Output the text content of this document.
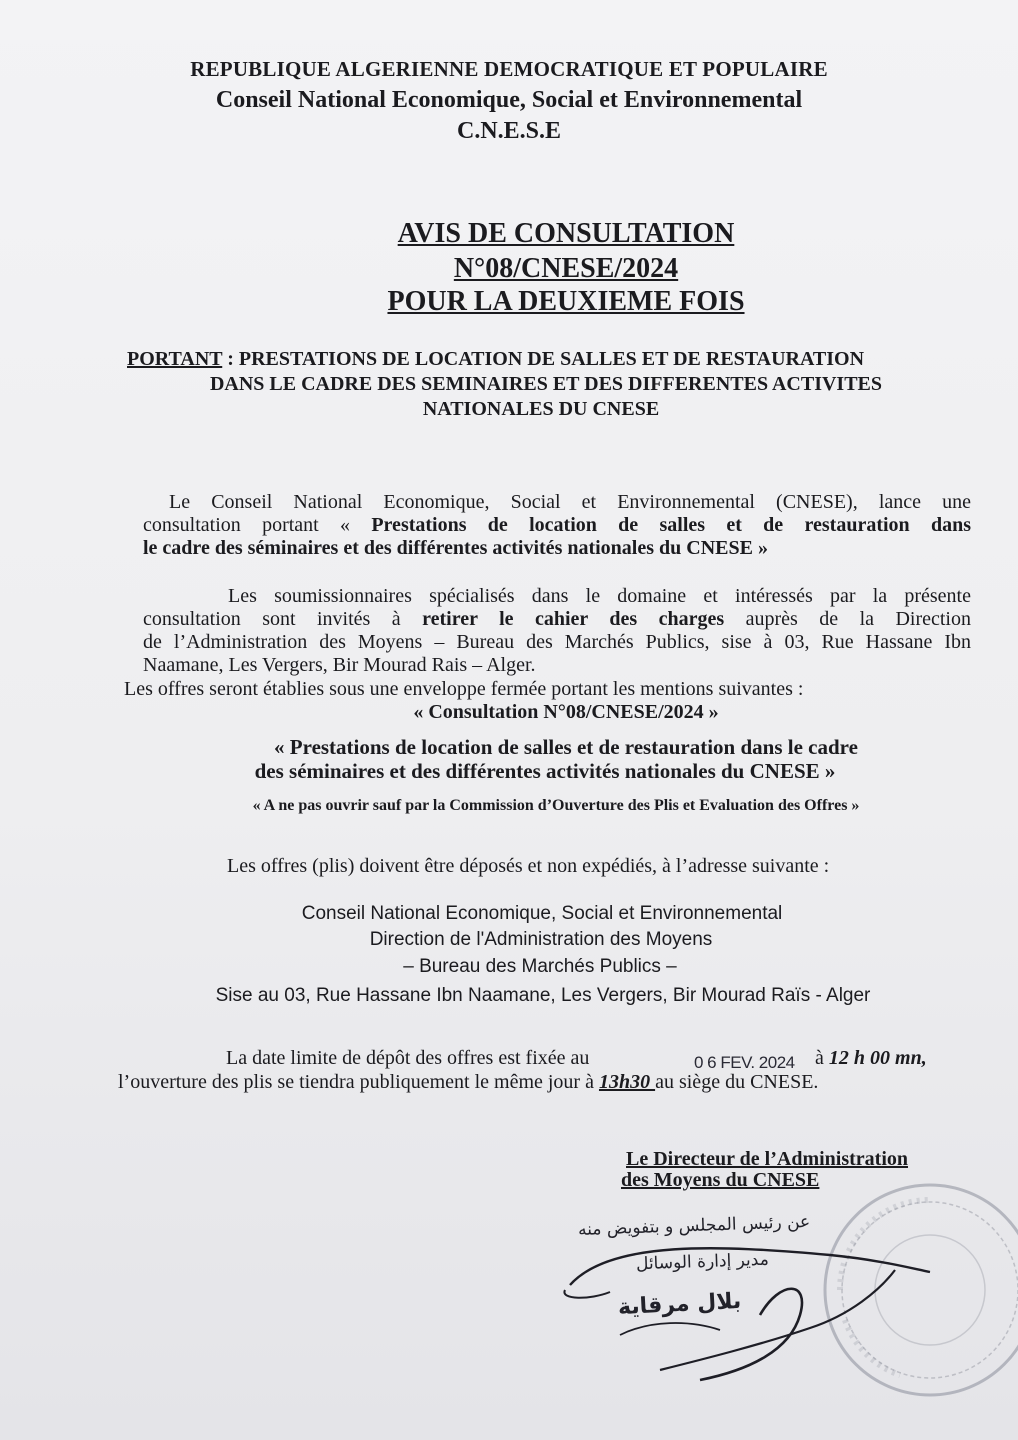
REPUBLIQUE ALGERIENNE DEMOCRATIQUE ET POPULAIRE
Conseil National Economique, Social et Environnemental
C.N.E.S.E
AVIS DE CONSULTATION
N°08/CNESE/2024
POUR LA DEUXIEME FOIS
PORTANT : PRESTATIONS DE LOCATION DE SALLES ET DE RESTAURATION
DANS LE CADRE DES SEMINAIRES ET DES DIFFERENTES ACTIVITES
NATIONALES DU CNESE
Le Conseil National Economique, Social et Environnemental (CNESE), lance une
consultation portant « Prestations de location de salles et de restauration dans
le cadre des séminaires et des différentes activités nationales du CNESE »
Les soumissionnaires spécialisés dans le domaine et intéressés par la présente
consultation sont invités à retirer le cahier des charges auprès de la Direction
de l’Administration des Moyens – Bureau des Marchés Publics, sise à 03, Rue Hassane Ibn
Naamane, Les Vergers, Bir Mourad Rais – Alger.
Les offres seront établies sous une enveloppe fermée portant les mentions suivantes :
« Consultation N°08/CNESE/2024 »
« Prestations de location de salles et de restauration dans le cadre
des séminaires et des différentes activités nationales du CNESE »
« A ne pas ouvrir sauf par la Commission d’Ouverture des Plis et Evaluation des Offres »
Les offres (plis) doivent être déposés et non expédiés, à l’adresse suivante :
Conseil National Economique, Social et Environnemental
Direction de l'Administration des Moyens
– Bureau des Marchés Publics –
Sise au 03, Rue Hassane Ibn Naamane, Les Vergers, Bir Mourad Raïs - Alger
La date limite de dépôt des offres est fixée au	0 6 FEV. 2024 à 12 h 00 mn,
l’ouverture des plis se tiendra publiquement le même jour à 13h30 au siège du CNESE.
Le Directeur de l’Administration
des Moyens du CNESE
عن رئيس المجلس و بتفويض منه
مدير إدارة الوسائل
بلال مرقاية
